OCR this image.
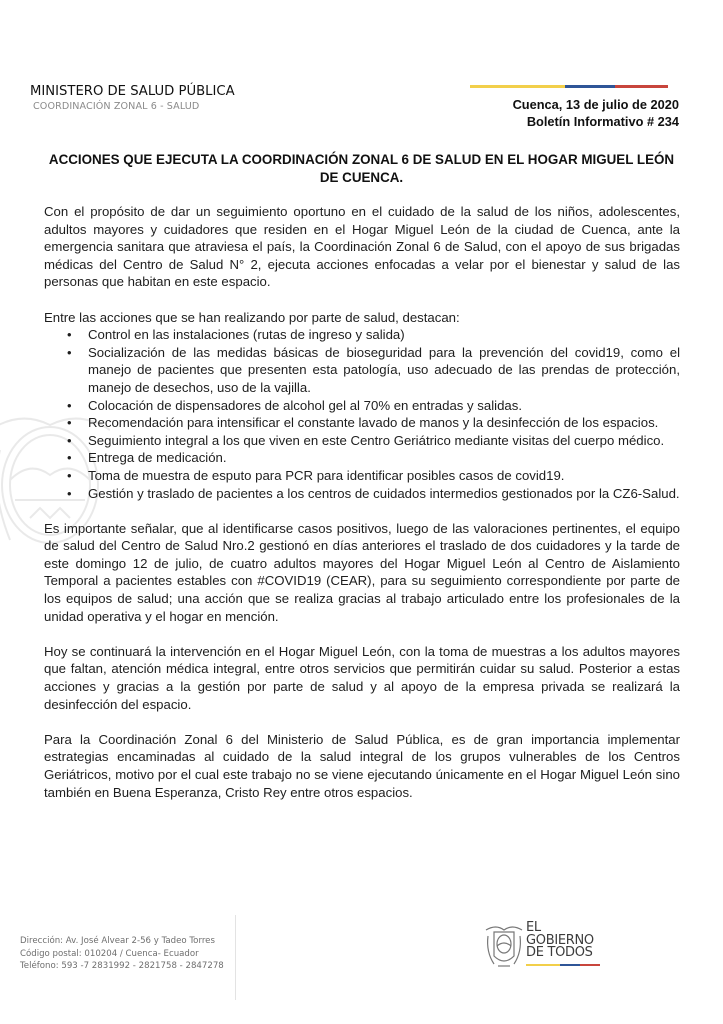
MINISTERO DE SALUD PÚBLICA
COORDINACIÓN ZONAL 6 - SALUD	Cuenca, 13 de julio de 2020
Boletín Informativo # 234
ACCIONES QUE EJECUTA LA COORDINACIÓN ZONAL 6 DE SALUD EN EL HOGAR MIGUEL LEÓN
DE CUENCA.

Con el propósito de dar un seguimiento oportuno en el cuidado de la salud de los niños, adolescentes, adultos mayores y cuidadores que residen en el Hogar Miguel León de la ciudad de Cuenca, ante la emergencia sanitara que atraviesa el país, la Coordinación Zonal 6 de Salud, con el apoyo de sus brigadas médicas del Centro de Salud N° 2, ejecuta acciones enfocadas a velar por el bienestar y salud de las personas que habitan en este espacio.

Entre las acciones que se han realizando por parte de salud, destacan:

• Control en las instalaciones (rutas de ingreso y salida)
• Socialización de las medidas básicas de bioseguridad para la prevención del covid19, como el manejo de pacientes que presenten esta patología, uso adecuado de las prendas de protección, manejo de desechos, uso de la vajilla.
• Colocación de dispensadores de alcohol gel al 70% en entradas y salidas.
• Recomendación para intensificar el constante lavado de manos y la desinfección de los espacios.
• Seguimiento integral a los que viven en este Centro Geriátrico mediante visitas del cuerpo médico.
• Entrega de medicación.
• Toma de muestra de esputo para PCR para identificar posibles casos de covid19.
• Gestión y traslado de pacientes a los centros de cuidados intermedios gestionados por la CZ6-Salud.

Es importante señalar, que al identificarse casos positivos, luego de las valoraciones pertinentes, el equipo de salud del Centro de Salud Nro.2 gestionó en días anteriores el traslado de dos cuidadores y la tarde de este domingo 12 de julio, de cuatro adultos mayores del Hogar Miguel León al Centro de Aislamiento Temporal a pacientes estables con #COVID19 (CEAR), para su seguimiento correspondiente por parte de los equipos de salud; una acción que se realiza gracias al trabajo articulado entre los profesionales de la unidad operativa y el hogar en mención.

Hoy se continuará la intervención en el Hogar Miguel León, con la toma de muestras a los adultos mayores que faltan, atención médica integral, entre otros servicios que permitirán cuidar su salud. Posterior a estas acciones y gracias a la gestión por parte de salud y al apoyo de la empresa privada se realizará la desinfección del espacio.

Para la Coordinación Zonal 6 del Ministerio de Salud Pública, es de gran importancia implementar estrategias encaminadas al cuidado de la salud integral de los grupos vulnerables de los Centros Geriátricos, motivo por el cual este trabajo no se viene ejecutando únicamente en el Hogar Miguel León sino también en Buena Esperanza, Cristo Rey entre otros espacios.

Dirección: Av. José Alvear 2-56 y Tadeo Torres
Código postal: 010204 / Cuenca- Ecuador
Teléfono: 593 -7 2831992 - 2821758 - 2847278
EL
GOBIERNO
DE TODOS
